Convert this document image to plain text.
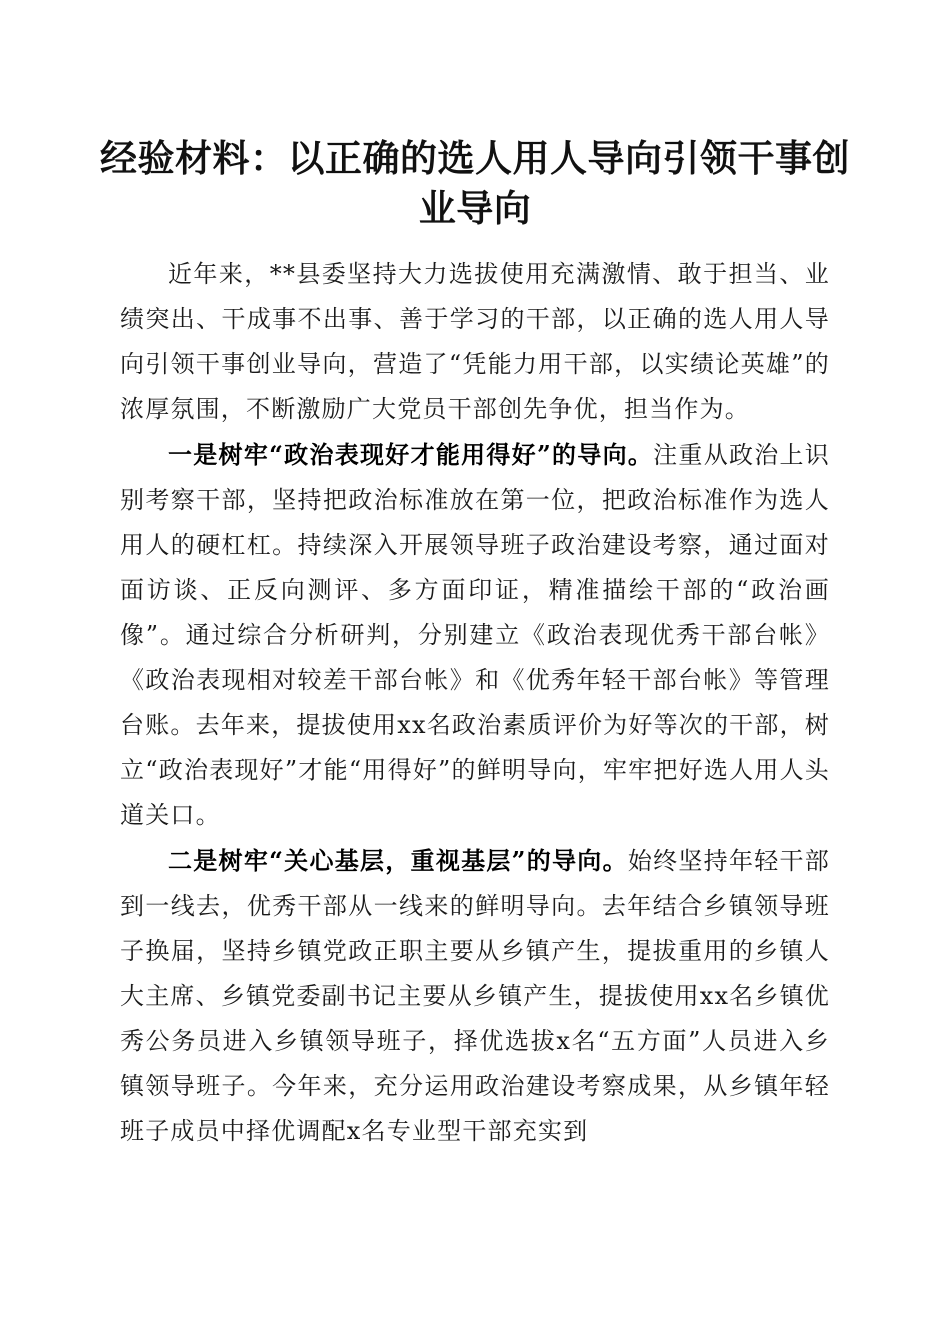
经验材料：以正确的选人用人导向引领干事创业导向

近年来，**县委坚持大力选拔使用充满激情、敢于担当、业绩突出、干成事不出事、善于学习的干部，以正确的选人用人导向引领干事创业导向，营造了“凭能力用干部，以实绩论英雄”的浓厚氛围，不断激励广大党员干部创先争优，担当作为。

一是树牢“政治表现好才能用得好”的导向。注重从政治上识别考察干部，坚持把政治标准放在第一位，把政治标准作为选人用人的硬杠杠。持续深入开展领导班子政治建设考察，通过面对面访谈、正反向测评、多方面印证，精准描绘干部的“政治画像”。通过综合分析研判，分别建立《政治表现优秀干部台帐》《政治表现相对较差干部台帐》和《优秀年轻干部台帐》等管理台账。去年来，提拔使用xx名政治素质评价为好等次的干部，树立“政治表现好”才能“用得好”的鲜明导向，牢牢把好选人用人头道关口。

二是树牢“关心基层，重视基层”的导向。始终坚持年轻干部到一线去，优秀干部从一线来的鲜明导向。去年结合乡镇领导班子换届，坚持乡镇党政正职主要从乡镇产生，提拔重用的乡镇人大主席、乡镇党委副书记主要从乡镇产生，提拔使用xx名乡镇优秀公务员进入乡镇领导班子，择优选拔x名“五方面”人员进入乡镇领导班子。今年来，充分运用政治建设考察成果，从乡镇年轻班子成员中择优调配x名专业型干部充实到
